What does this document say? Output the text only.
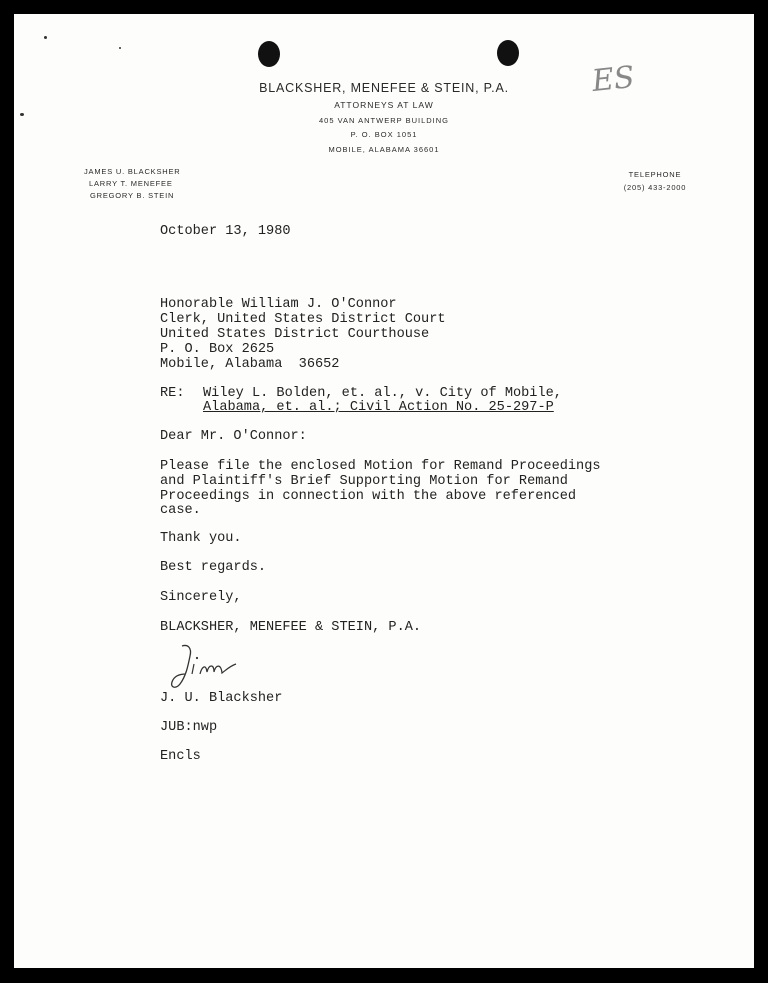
BLACKSHER, MENEFEE & STEIN, P.A.
ATTORNEYS AT LAW
405 VAN ANTWERP BUILDING
P. O. BOX 1051
MOBILE, ALABAMA 36601
JAMES U. BLACKSHER
LARRY T. MENEFEE
GREGORY B. STEIN
TELEPHONE
(205) 433-2000
ES
October 13, 1980
Honorable William J. O'Connor
Clerk, United States District Court
United States District Courthouse
P. O. Box 2625
Mobile, Alabama  36652
RE: Wiley L. Bolden, et. al., v. City of Mobile,
Alabama, et. al.; Civil Action No. 25-297-P
Dear Mr. O'Connor:
Please file the enclosed Motion for Remand Proceedings
and Plaintiff's Brief Supporting Motion for Remand
Proceedings in connection with the above referenced
case.
Thank you.
Best regards.
Sincerely,
BLACKSHER, MENEFEE & STEIN, P.A.
J. U. Blacksher
JUB:nwp
Encls
